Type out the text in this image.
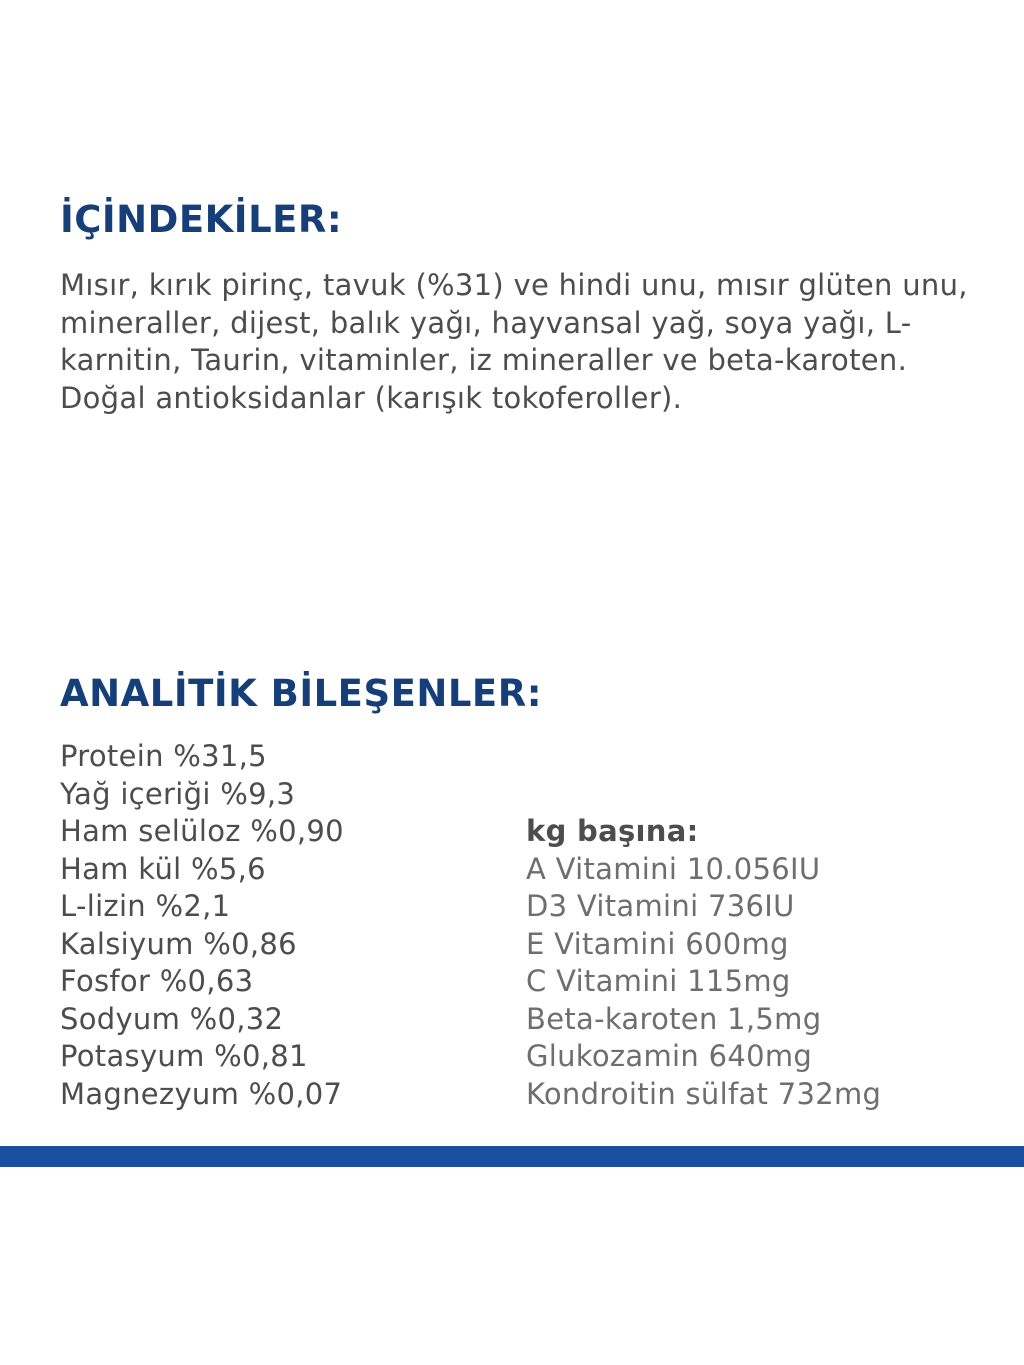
İÇİNDEKİLER:

Mısır, kırık pirinç, tavuk (%31) ve hindi unu, mısır glüten unu, mineraller, dijest, balık yağı, hayvansal yağ, soya yağı, L-karnitin, Taurin, vitaminler, iz mineraller ve beta-karoten. Doğal antioksidanlar (karışık tokoferoller).

ANALİTİK BİLEŞENLER:
Protein %31,5
Yağ içeriği %9,3
Ham selüloz %0,90
Ham kül %5,6
L-lizin %2,1
Kalsiyum %0,86
Fosfor %0,63
Sodyum %0,32
Potasyum %0,81
Magnezyum %0,07
kg başına:
A Vitamini 10.056IU
D3 Vitamini 736IU
E Vitamini 600mg
C Vitamini 115mg
Beta-karoten 1,5mg
Glukozamin 640mg
Kondroitin sülfat 732mg
